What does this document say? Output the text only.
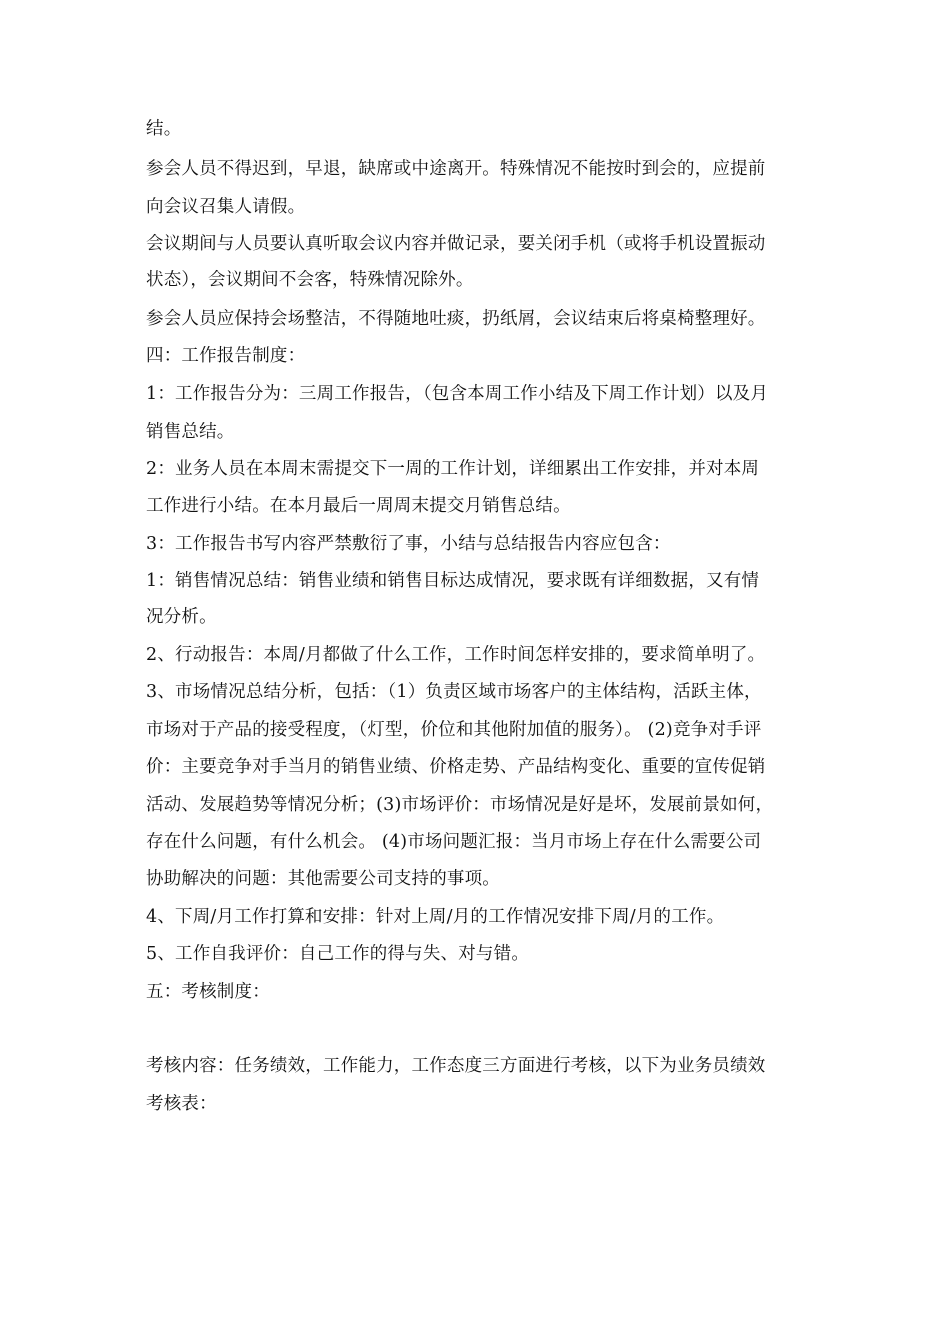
结。
参会人员不得迟到，早退，缺席或中途离开。特殊情况不能按时到会的，应提前
向会议召集人请假。
会议期间与人员要认真听取会议内容并做记录，要关闭手机（或将手机设置振动
状态），会议期间不会客，特殊情况除外。
参会人员应保持会场整洁，不得随地吐痰，扔纸屑，会议结束后将桌椅整理好。
四：工作报告制度：
1：工作报告分为：三周工作报告，（包含本周工作小结及下周工作计划）以及月
销售总结。
2：业务人员在本周末需提交下一周的工作计划，详细累出工作安排，并对本周
工作进行小结。在本月最后一周周末提交月销售总结。
3：工作报告书写内容严禁敷衍了事，小结与总结报告内容应包含：
1：销售情况总结：销售业绩和销售目标达成情况，要求既有详细数据，又有情
况分析。
2、行动报告：本周/月都做了什么工作，工作时间怎样安排的，要求简单明了。
3、市场情况总结分析，包括：（1）负责区域市场客户的主体结构，活跃主体，
市场对于产品的接受程度，（灯型，价位和其他附加值的服务）。 (2)竞争对手评
价：主要竞争对手当月的销售业绩、价格走势、产品结构变化、重要的宣传促销
活动、发展趋势等情况分析；(3)市场评价：市场情况是好是坏，发展前景如何，
存在什么问题，有什么机会。 (4)市场问题汇报：当月市场上存在什么需要公司
协助解决的问题：其他需要公司支持的事项。
4、下周/月工作打算和安排：针对上周/月的工作情况安排下周/月的工作。
5、工作自我评价：自己工作的得与失、对与错。
五：考核制度：
考核内容：任务绩效，工作能力，工作态度三方面进行考核，以下为业务员绩效
考核表：
